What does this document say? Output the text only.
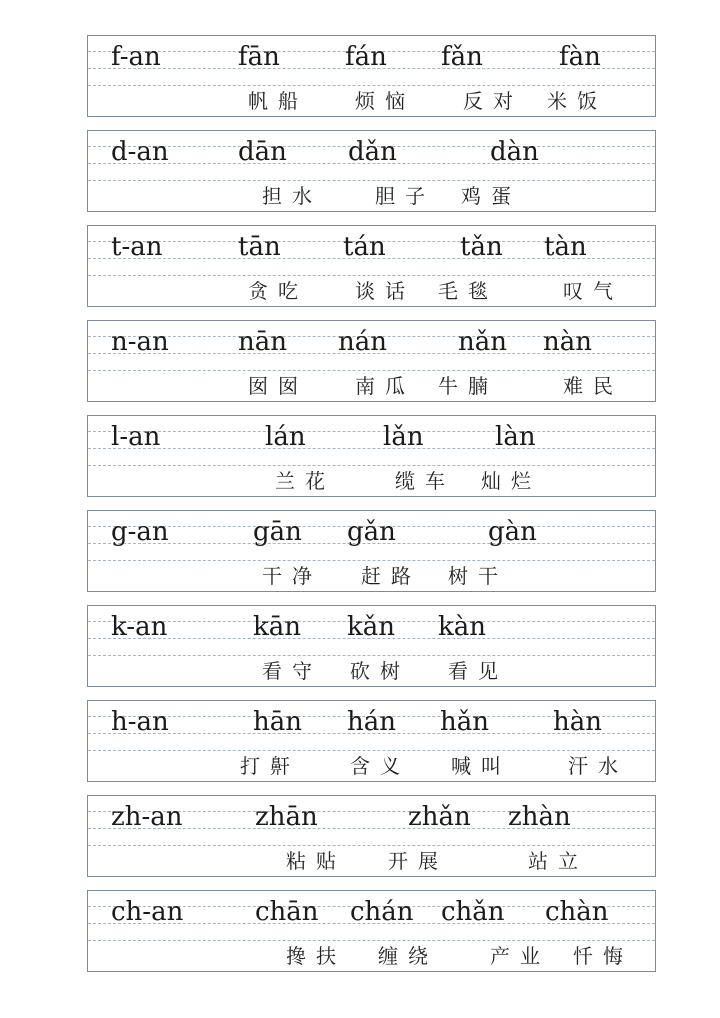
f-an	fān	fán fǎn	fàn
帆船 烦恼 反对 米饭
d-an	dān dǎn	dàn
担水	胆子 鸡蛋
t-an	tān tán	tǎn tàn
贪吃 谈话 毛毯	叹气
n-an	nān nán	nǎn nàn
囡囡 南瓜 牛腩	难民
l-an	lán	lǎn	làn
兰花	缆车 灿烂
g-an	gān gǎn	gàn
干净 赶路 树干
k-an	kān kǎn kàn
看守 砍树 看见
h-an	hān hán hǎn hàn
打鼾	含义 喊叫	汗水
zh-an	zhān	zhǎn zhàn
粘贴 开展	站立
ch-an	chān chán chǎn chàn
搀扶 缠绕	产业 忏悔
